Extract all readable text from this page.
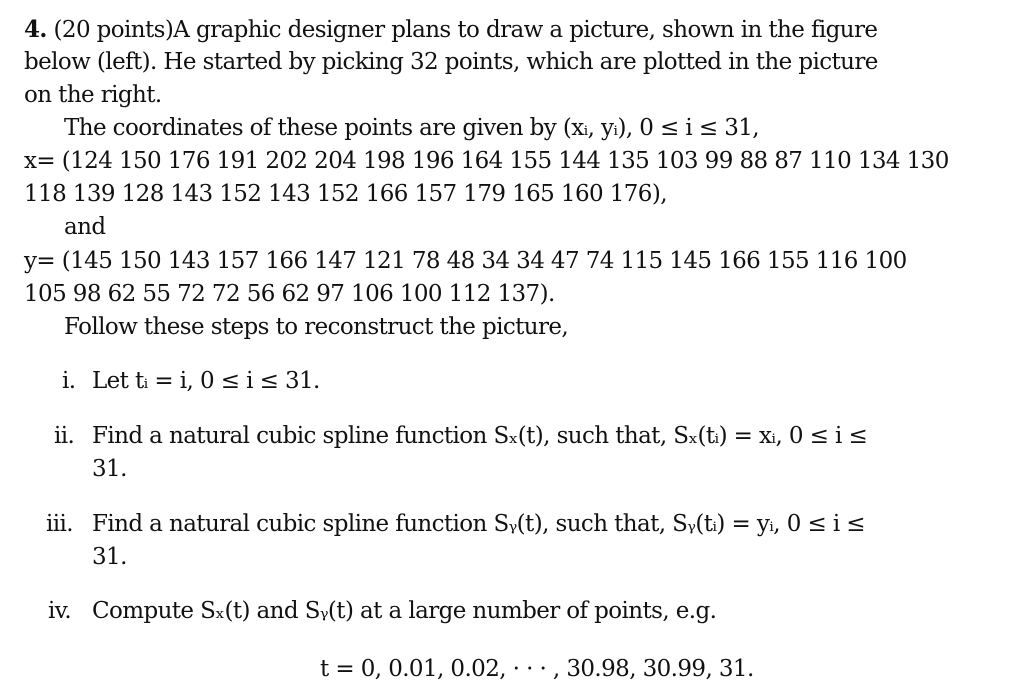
4. (20 points)A graphic designer plans to draw a picture, shown in the figure
below (left). He started by picking 32 points, which are plotted in the picture
on the right.
The coordinates of these points are given by (xᵢ, yᵢ), 0 ≤ i ≤ 31,
x= (124 150 176 191 202 204 198 196 164 155 144 135 103 99 88 87 110 134 130
118 139 128 143 152 143 152 166 157 179 165 160 176),
and
y= (145 150 143 157 166 147 121 78 48 34 34 47 74 115 145 166 155 116 100
105 98 62 55 72 72 56 62 97 106 100 112 137).
Follow these steps to reconstruct the picture,
i. Let tᵢ = i, 0 ≤ i ≤ 31.
ii. Find a natural cubic spline function Sₓ(t), such that, Sₓ(tᵢ) = xᵢ, 0 ≤ i ≤
31.
iii. Find a natural cubic spline function Sᵧ(t), such that, Sᵧ(tᵢ) = yᵢ, 0 ≤ i ≤
31.
iv. Compute Sₓ(t) and Sᵧ(t) at a large number of points, e.g.
t = 0, 0.01, 0.02, · · · , 30.98, 30.99, 31.
